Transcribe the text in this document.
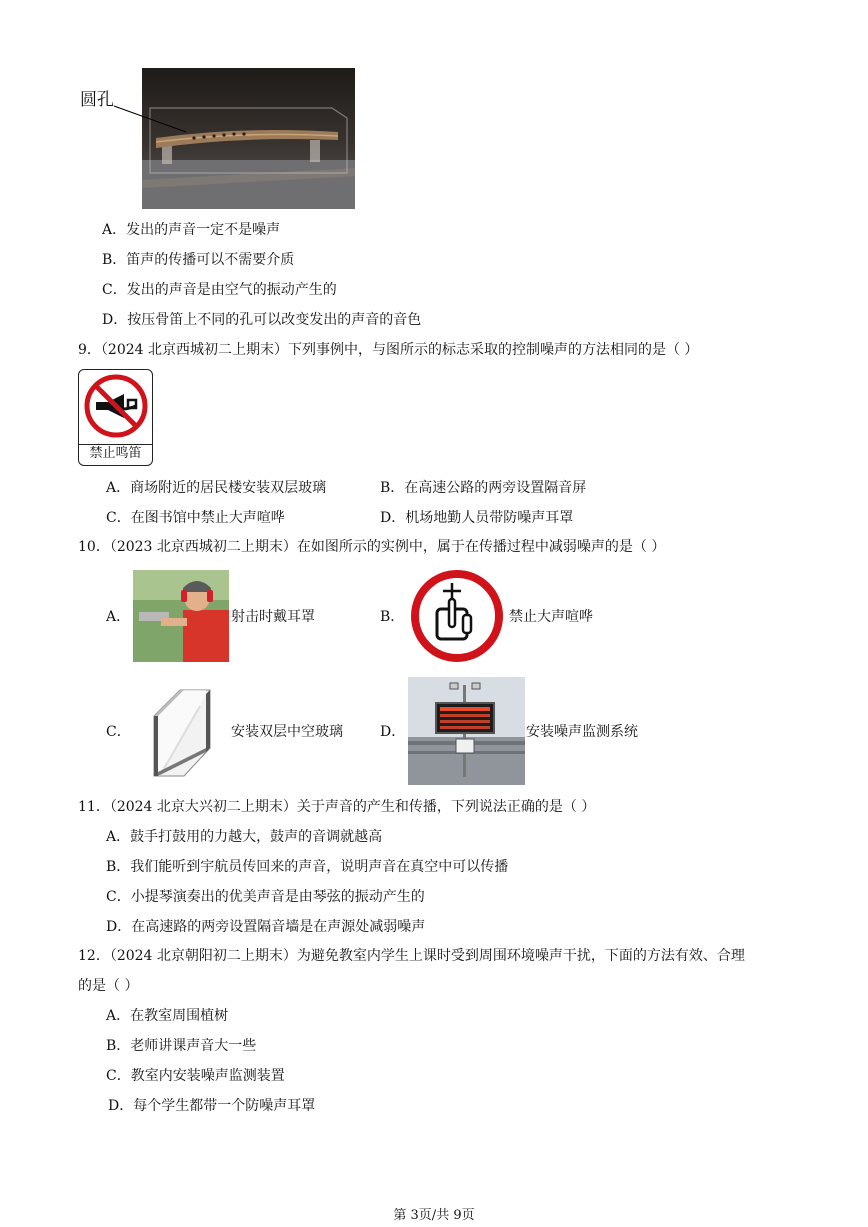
圆孔
A．发出的声音一定不是噪声
B．笛声的传播可以不需要介质
C．发出的声音是由空气的振动产生的
D．按压骨笛上不同的孔可以改变发出的声音的音色
9．（2024 北京西城初二上期末）下列事例中，与图所示的标志采取的控制噪声的方法相同的是（ ）
禁止鸣笛
A．商场附近的居民楼安装双层玻璃	B．在高速公路的两旁设置隔音屏
C．在图书馆中禁止大声喧哗	D．机场地勤人员带防噪声耳罩
10．（2023 北京西城初二上期末）在如图所示的实例中，属于在传播过程中减弱噪声的是（ ）
A．	射击时戴耳罩	B．	禁止大声喧哗
C．	安装双层中空玻璃	D．	安装噪声监测系统
11．（2024 北京大兴初二上期末）关于声音的产生和传播，下列说法正确的是（ ）
A．鼓手打鼓用的力越大，鼓声的音调就越高
B．我们能听到宇航员传回来的声音，说明声音在真空中可以传播
C．小提琴演奏出的优美声音是由琴弦的振动产生的
D．在高速路的两旁设置隔音墙是在声源处减弱噪声
12．（2024 北京朝阳初二上期末）为避免教室内学生上课时受到周围环境噪声干扰，下面的方法有效、合理
的是（ ）
A．在教室周围植树
B．老师讲课声音大一些
C．教室内安装噪声监测装置
D．每个学生都带一个防噪声耳罩
第 3页/共 9页
